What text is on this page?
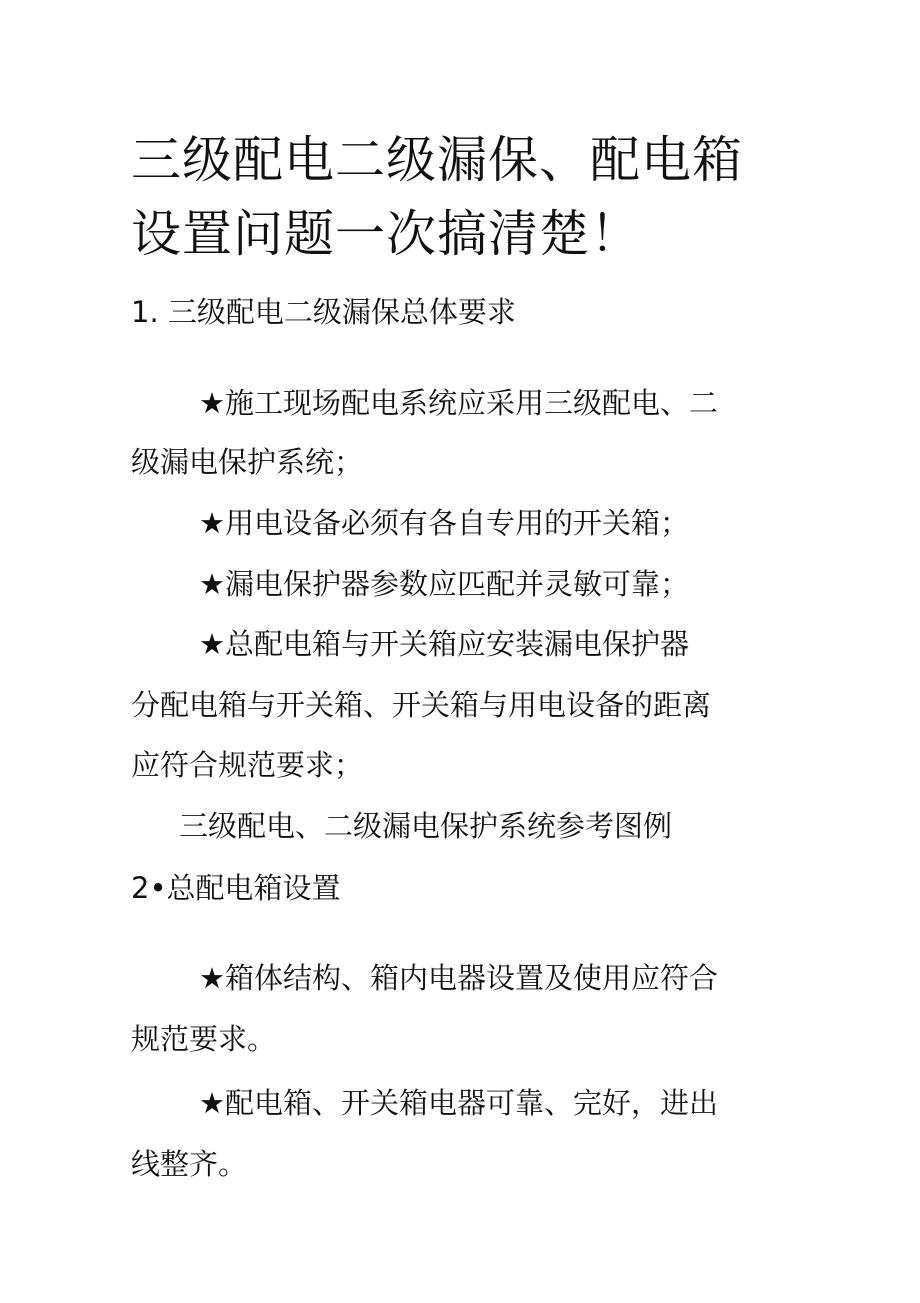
三级配电二级漏保、配电箱
设置问题一次搞清楚！
1. 三级配电二级漏保总体要求

★施工现场配电系统应采用三级配电、二

级漏电保护系统；

★用电设备必须有各自专用的开关箱；

★漏电保护器参数应匹配并灵敏可靠；

★总配电箱与开关箱应安装漏电保护器

分配电箱与开关箱、开关箱与用电设备的距离

应符合规范要求；

三级配电、二级漏电保护系统参考图例

2•总配电箱设置

★箱体结构、箱内电器设置及使用应符合

规范要求。

★配电箱、开关箱电器可靠、完好，进出

线整齐。
